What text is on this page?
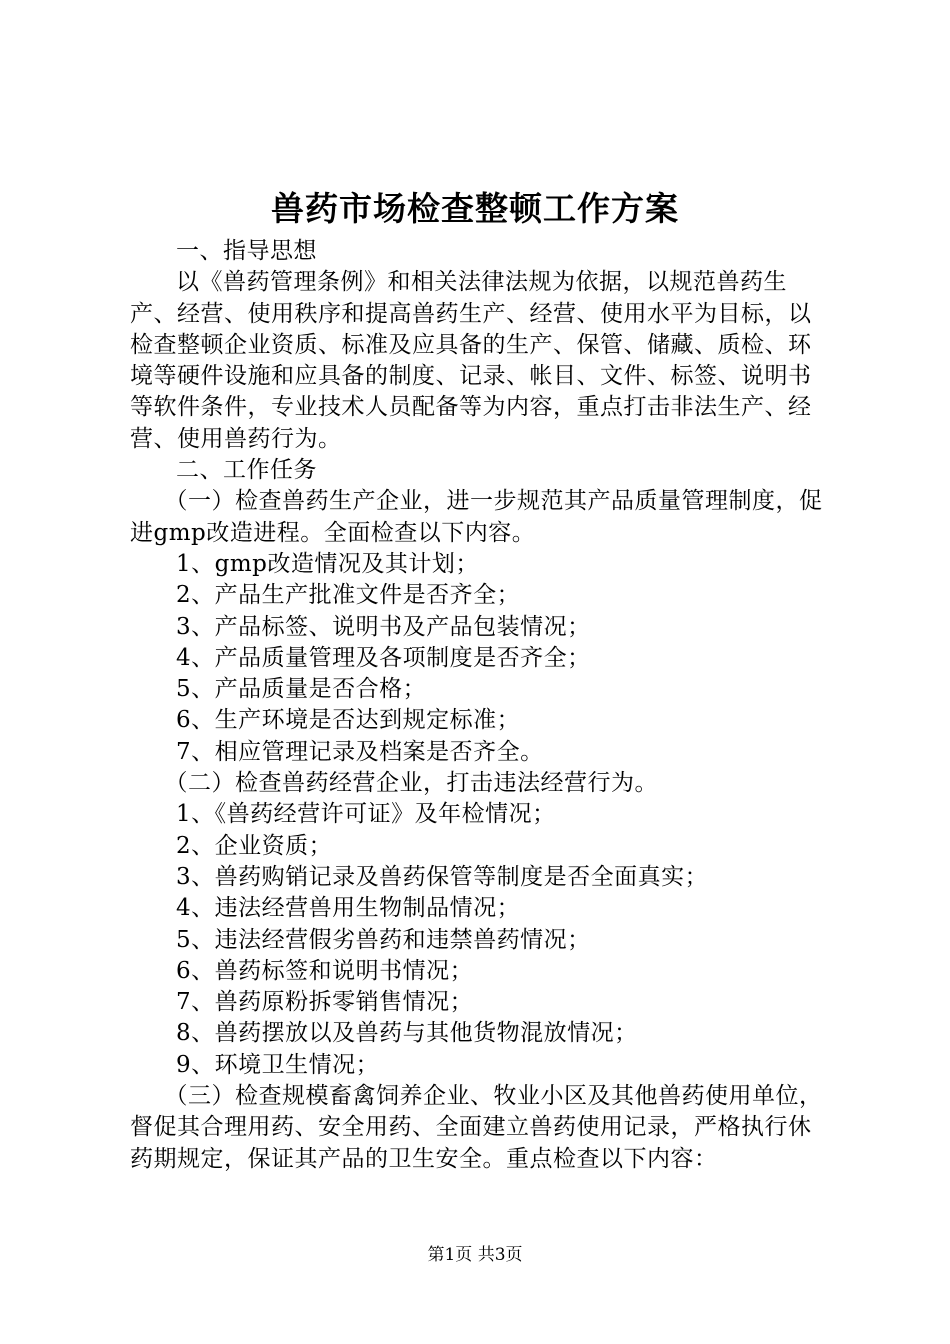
兽药市场检查整顿工作方案

一、指导思想

以《兽药管理条例》和相关法律法规为依据，以规范兽药生产、经营、使用秩序和提高兽药生产、经营、使用水平为目标，以检查整顿企业资质、标准及应具备的生产、保管、储藏、质检、环境等硬件设施和应具备的制度、记录、帐目、文件、标签、说明书等软件条件，专业技术人员配备等为内容，重点打击非法生产、经营、使用兽药行为。

二、工作任务

（一）检查兽药生产企业，进一步规范其产品质量管理制度，促进gmp改造进程。全面检查以下内容。

1、gmp改造情况及其计划；

2、产品生产批准文件是否齐全；

3、产品标签、说明书及产品包装情况；

4、产品质量管理及各项制度是否齐全；

5、产品质量是否合格；

6、生产环境是否达到规定标准；

7、相应管理记录及档案是否齐全。

（二）检查兽药经营企业，打击违法经营行为。

1、《兽药经营许可证》及年检情况；

2、企业资质；

3、兽药购销记录及兽药保管等制度是否全面真实；

4、违法经营兽用生物制品情况；

5、违法经营假劣兽药和违禁兽药情况；

6、兽药标签和说明书情况；

7、兽药原粉拆零销售情况；

8、兽药摆放以及兽药与其他货物混放情况；

9、环境卫生情况；

（三）检查规模畜禽饲养企业、牧业小区及其他兽药使用单位，督促其合理用药、安全用药、全面建立兽药使用记录，严格执行休药期规定，保证其产品的卫生安全。重点检查以下内容：

第1页 共3页
